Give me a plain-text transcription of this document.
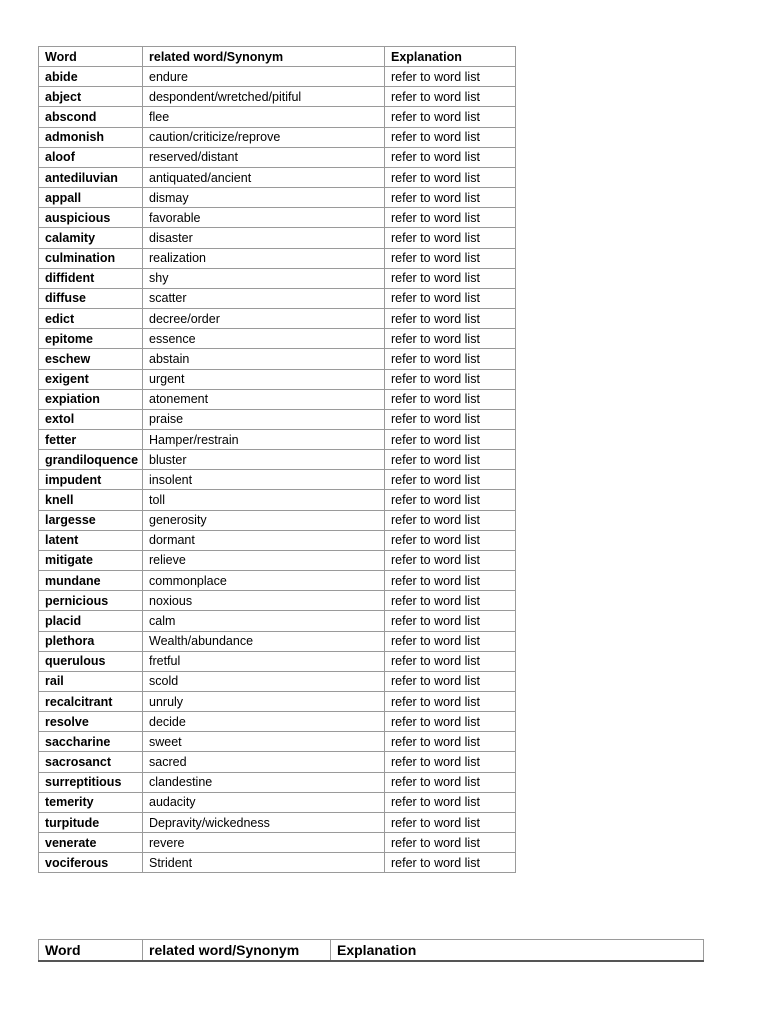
Word	related word/Synonym	Explanation
abide	endure	refer to word list
abject	despondent/wretched/pitiful	refer to word list
abscond	flee	refer to word list
admonish	caution/criticize/reprove	refer to word list
aloof	reserved/distant	refer to word list
antediluvian	antiquated/ancient	refer to word list
appall	dismay	refer to word list
auspicious	favorable	refer to word list
calamity	disaster	refer to word list
culmination	realization	refer to word list
diffident	shy	refer to word list
diffuse	scatter	refer to word list
edict	decree/order	refer to word list
epitome	essence	refer to word list
eschew	abstain	refer to word list
exigent	urgent	refer to word list
expiation	atonement	refer to word list
extol	praise	refer to word list
fetter	Hamper/restrain	refer to word list
grandiloquence	bluster	refer to word list
impudent	insolent	refer to word list
knell	toll	refer to word list
largesse	generosity	refer to word list
latent	dormant	refer to word list
mitigate	relieve	refer to word list
mundane	commonplace	refer to word list
pernicious	noxious	refer to word list
placid	calm	refer to word list
plethora	Wealth/abundance	refer to word list
querulous	fretful	refer to word list
rail	scold	refer to word list
recalcitrant	unruly	refer to word list
resolve	decide	refer to word list
saccharine	sweet	refer to word list
sacrosanct	sacred	refer to word list
surreptitious	clandestine	refer to word list
temerity	audacity	refer to word list
turpitude	Depravity/wickedness	refer to word list
venerate	revere	refer to word list
vociferous	Strident	refer to word list
Word	related word/Synonym	Explanation
